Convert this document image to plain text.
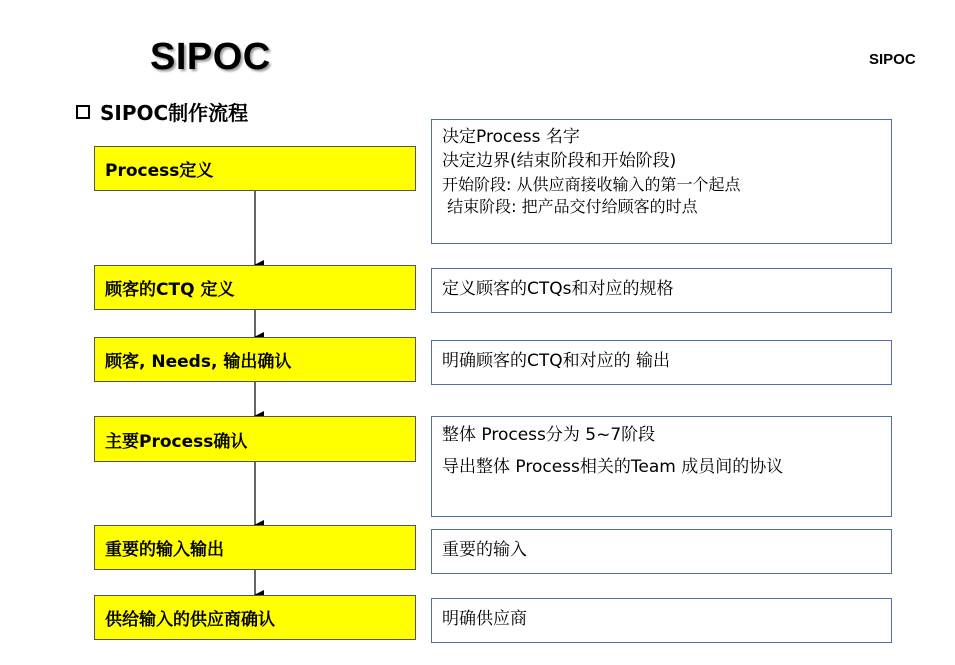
SIPOC	SIPOC
SIPOC制作流程
Process定义
顾客的CTQ 定义
顾客, Needs, 输出确认
主要Process确认
重要的输入输出
供给输入的供应商确认
决定Process 名字
决定边界(结束阶段和开始阶段)
开始阶段: 从供应商接收输入的第一个起点
结束阶段: 把产品交付给顾客的时点
定义顾客的CTQs和对应的规格
明确顾客的CTQ和对应的 输出
整体 Process分为 5~7阶段
导出整体 Process相关的Team 成员间的协议
重要的输入
明确供应商
